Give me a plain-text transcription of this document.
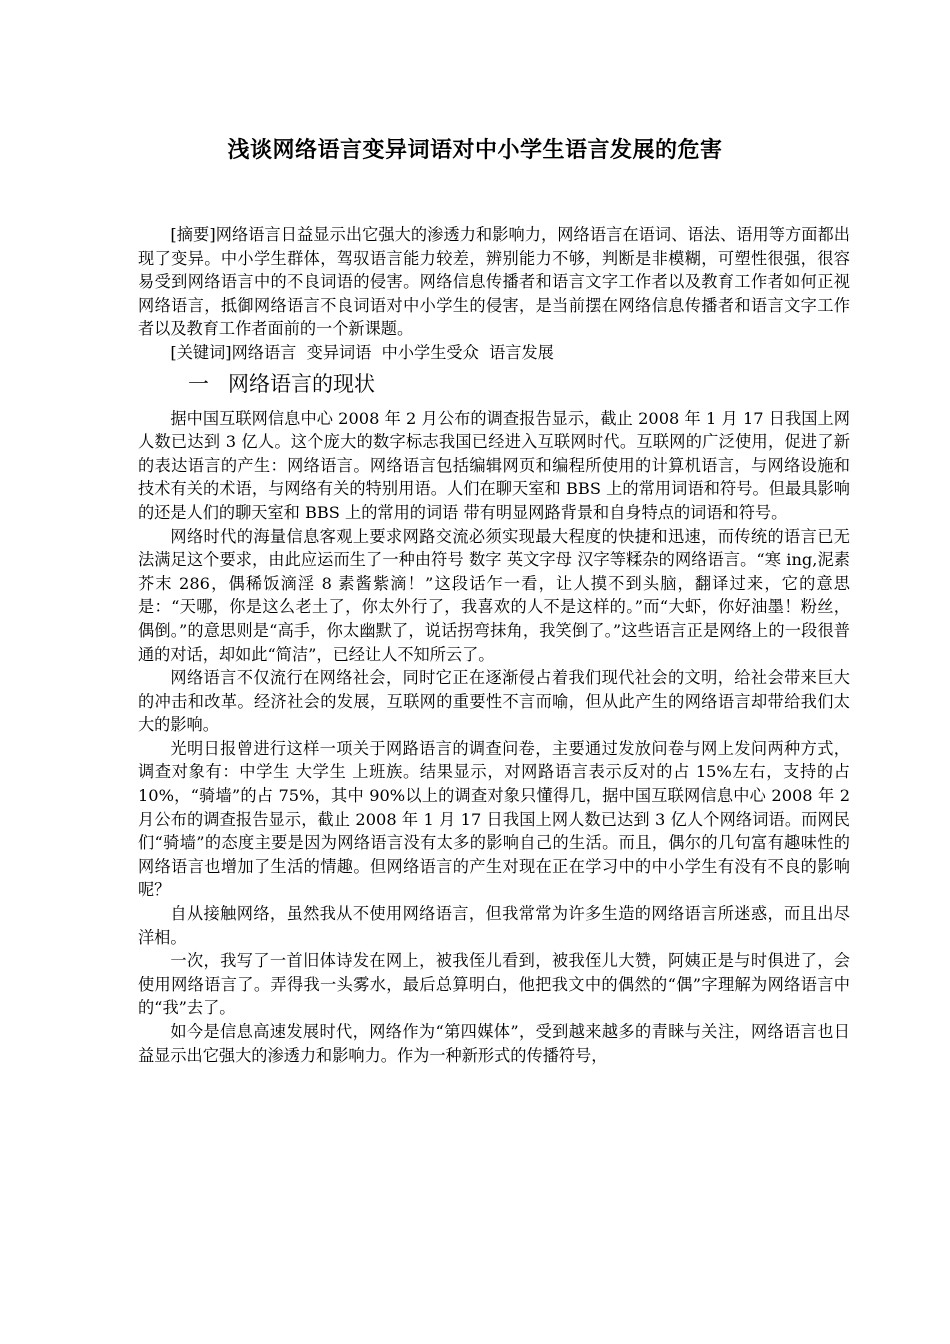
浅谈网络语言变异词语对中小学生语言发展的危害

[摘要]网络语言日益显示出它强大的渗透力和影响力，网络语言在语词、语法、语用等方面都出现了变异。中小学生群体，驾驭语言能力较差，辨别能力不够，判断是非模糊，可塑性很强，很容易受到网络语言中的不良词语的侵害。网络信息传播者和语言文字工作者以及教育工作者如何正视网络语言，抵御网络语言不良词语对中小学生的侵害，是当前摆在网络信息传播者和语言文字工作者以及教育工作者面前的一个新课题。

[关键词]网络语言  变异词语  中小学生受众  语言发展

一 网络语言的现状

据中国互联网信息中心 2008 年 2 月公布的调查报告显示，截止 2008 年 1 月 17 日我国上网人数已达到 3 亿人。这个庞大的数字标志我国已经进入互联网时代。互联网的广泛使用，促进了新的表达语言的产生：网络语言。网络语言包括编辑网页和编程所使用的计算机语言，与网络设施和技术有关的术语，与网络有关的特别用语。人们在聊天室和 BBS 上的常用词语和符号。但最具影响的还是人们的聊天室和 BBS 上的常用的词语 带有明显网路背景和自身特点的词语和符号。

网络时代的海量信息客观上要求网路交流必须实现最大程度的快捷和迅速，而传统的语言已无法满足这个要求，由此应运而生了一种由符号 数字 英文字母 汉字等糅杂的网络语言。“寒 ing,泥素芥末 286，偶稀饭滴淫 8 素酱紫滴！”这段话乍一看，让人摸不到头脑，翻译过来，它的意思是：“天哪，你是这么老土了，你太外行了，我喜欢的人不是这样的。”而“大虾，你好油墨！粉丝，偶倒。”的意思则是“高手，你太幽默了，说话拐弯抹角，我笑倒了。”这些语言正是网络上的一段很普通的对话，却如此“简洁”，已经让人不知所云了。

网络语言不仅流行在网络社会，同时它正在逐渐侵占着我们现代社会的文明，给社会带来巨大的冲击和改革。经济社会的发展，互联网的重要性不言而喻，但从此产生的网络语言却带给我们太大的影响。

光明日报曾进行这样一项关于网路语言的调查问卷，主要通过发放问卷与网上发问两种方式，调查对象有：中学生 大学生 上班族。结果显示，对网路语言表示反对的占 15%左右，支持的占 10%，“骑墙”的占 75%，其中 90%以上的调查对象只懂得几，据中国互联网信息中心 2008 年 2 月公布的调查报告显示，截止 2008 年 1 月 17 日我国上网人数已达到 3 亿人个网络词语。而网民们“骑墙”的态度主要是因为网络语言没有太多的影响自己的生活。而且，偶尔的几句富有趣味性的网络语言也增加了生活的情趣。但网络语言的产生对现在正在学习中的中小学生有没有不良的影响呢？

自从接触网络，虽然我从不使用网络语言，但我常常为许多生造的网络语言所迷惑，而且出尽洋相。

一次，我写了一首旧体诗发在网上，被我侄儿看到，被我侄儿大赞，阿姨正是与时俱进了，会使用网络语言了。弄得我一头雾水，最后总算明白，他把我文中的偶然的“偶”字理解为网络语言中的“我”去了。

如今是信息高速发展时代，网络作为“第四媒体”，受到越来越多的青睐与关注，网络语言也日益显示出它强大的渗透力和影响力。作为一种新形式的传播符号，
